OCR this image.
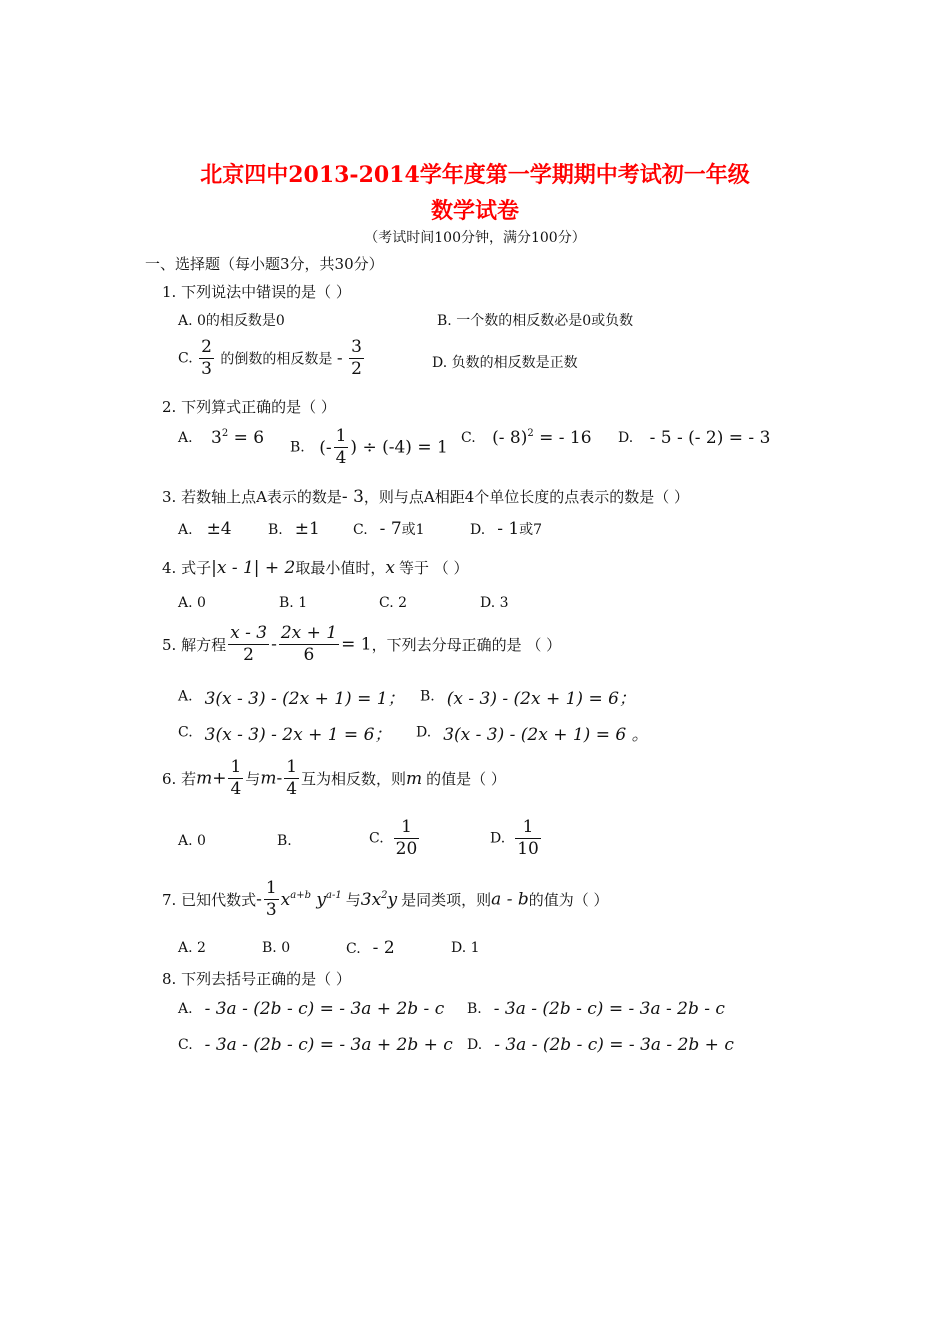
北京四中2013-2014学年度第一学期期中考试初一年级
数学试卷
（考试时间100分钟，满分100分）
一、选择题（每小题3分，共30分）
1. 下列说法中错误的是（ ）
A. 0的相反数是0	B. 一个数的相反数必是0或负数
C. $\frac{2}{3}$ 的倒数的相反数是 - $\frac{3}{2}$	D. 负数的相反数是正数
2. 下列算式正确的是（ ）
A. $3^2 = 6$ B. (- $\frac{1}{4}$ ) ÷ (-4) = 1 C. (- 8)$^2$ = - 16 D. - 5 - (- 2) = - 3
3. 若数轴上点A表示的数是- 3，则与点A相距4个单位长度的点表示的数是（ ）
A. ±4	B. ±1 C. - 7或1	D. - 1或7
4. 式子|x - 1| + 2取最小值时，x 等于 （ ）
A. 0	B. 1	C. 2	D. 3
5. 解方程 $\frac{x - 3}{2} - \frac{2x + 1}{6} = 1$，下列去分母正确的是 （ ）
A. 3(x - 3) - (2x + 1) = 1； B. (x - 3) - (2x + 1) = 6；
C. 3(x - 3) - 2x + 1 = 6； D. 3(x - 3) - (2x + 1) = 6 。
6. 若$m+ \frac{1}{4}$ 与$m- \frac{1}{4}$ 互为相反数，则m 的值是（ ）
A. 0	B.	C. $\frac{1}{20}$	D. $\frac{1}{10}$
7. 已知代数式- $\frac{1}{3} x^{a+b}$ $y^{a-1}$ 与$3x^2y$ 是同类项，则a - b的值为（ ）
A. 2	B. 0	C. - 2	D. 1
8. 下列去括号正确的是（ ）
A. - 3a - (2b - c) = - 3a + 2b - c B. - 3a - (2b - c) = - 3a - 2b - c
C. - 3a - (2b - c) = - 3a + 2b + c D. - 3a - (2b - c) = - 3a - 2b + c
